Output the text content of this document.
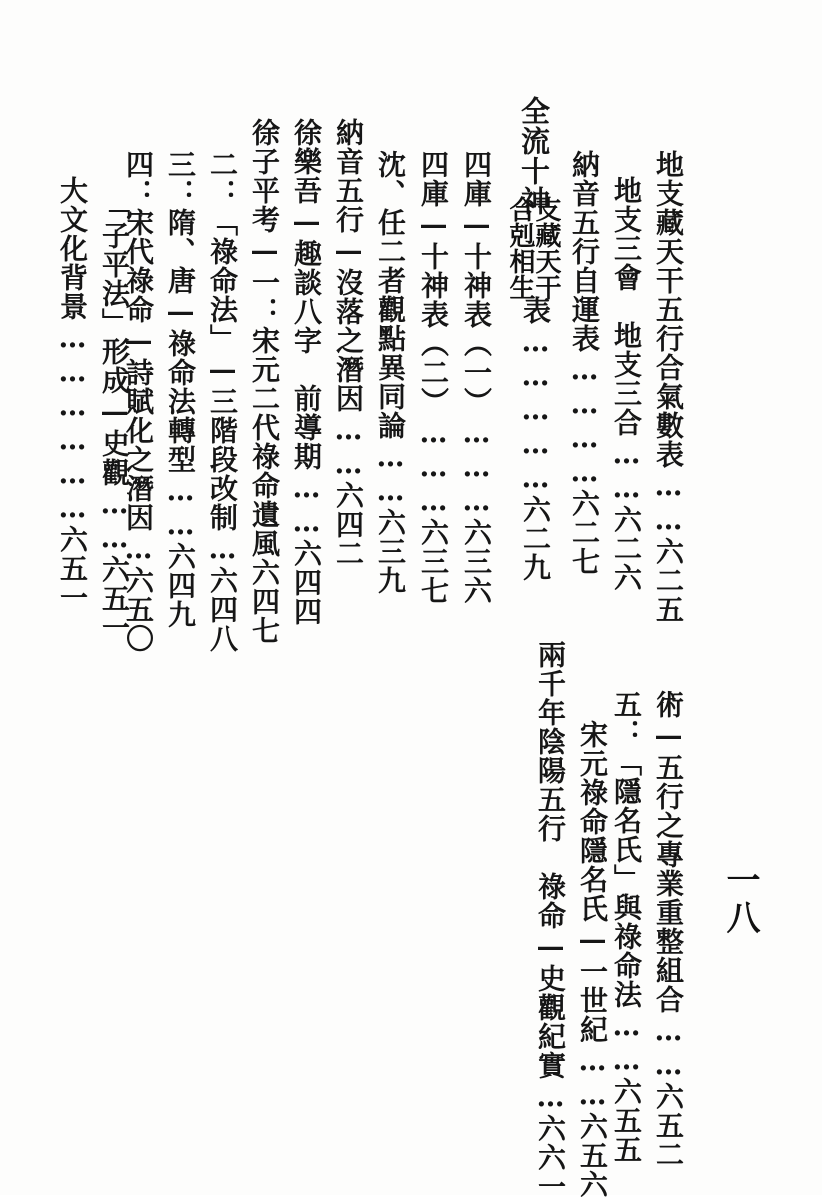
地支藏天干五行合氣數表……六二五
地支三會　地支三合……六二六
納音五行自運表…………六二七
全流十神
支藏天干
合剋相生
表……………六二九
四庫—十神表（一）………六三六
四庫—十神表（二）………六三七
沈、任二者觀點異同論……六三九
納音五行—沒落之潛因……六四二
徐樂吾—趣談八字　前導期……六四四
徐子平考—一：宋元二代祿命遺風六四七
二：「祿命法」—三階段改制…六四八
三：隋、唐—祿命法轉型……六四九
四：宋代祿命—詩賦化之潛因…六五〇
「子平法」形成—史觀……六五一
大文化背景………………六五一
術—五行之專業重整組合……六五二
五：「隱名氏」與祿命法……六五五
宋元祿命隱名氏—一世紀……六五六
兩千年陰陽五行　祿命—史觀紀實…六六一	一八
